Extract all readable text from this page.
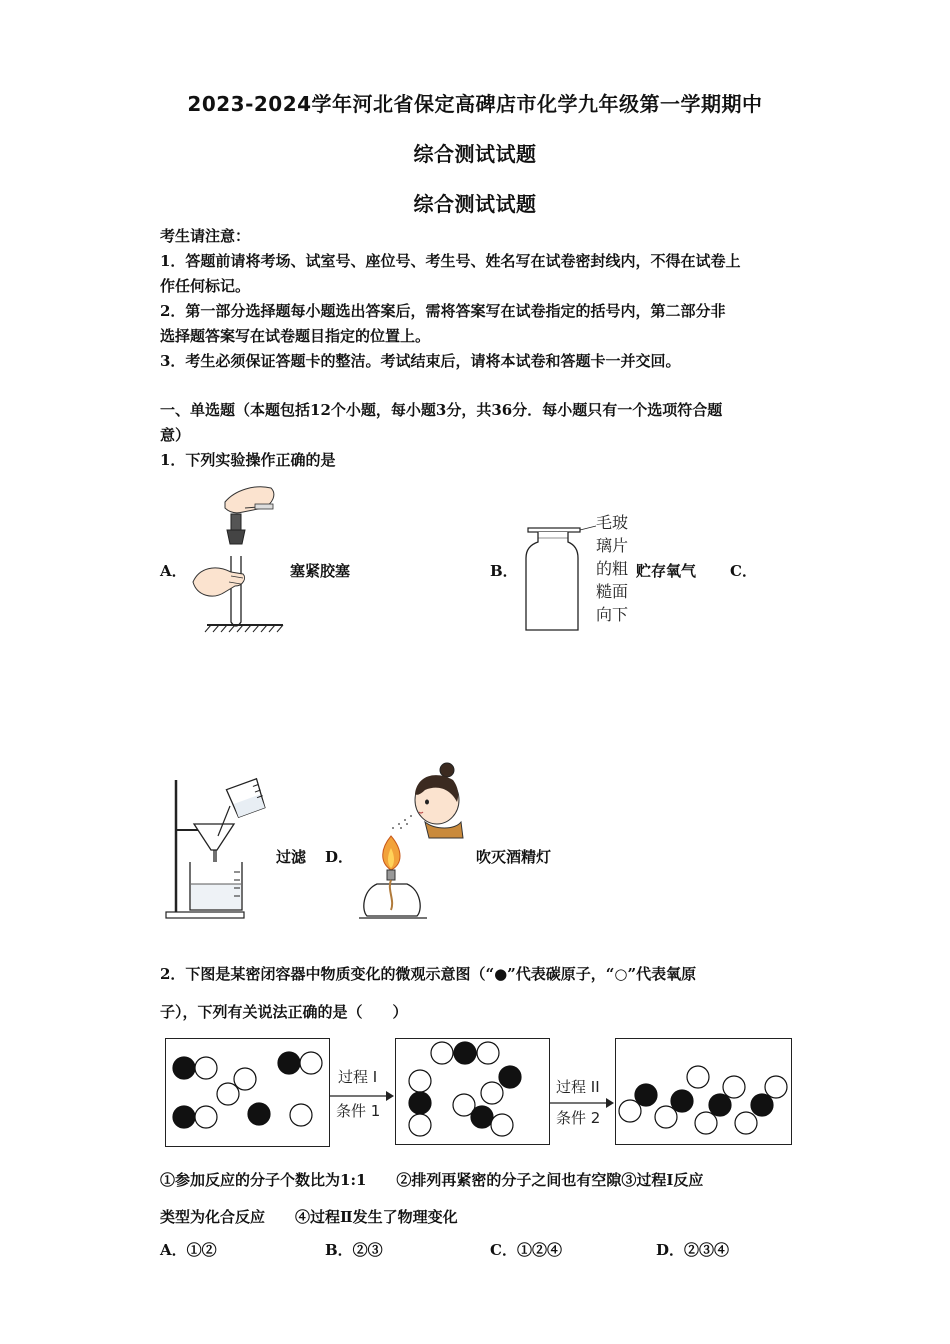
2023-2024学年河北省保定高碑店市化学九年级第一学期期中
综合测试试题
综合测试试题
考生请注意：
1．答题前请将考场、试室号、座位号、考生号、姓名写在试卷密封线内，不得在试卷上
作任何标记。
2．第一部分选择题每小题选出答案后，需将答案写在试卷指定的括号内，第二部分非
选择题答案写在试卷题目指定的位置上。
3．考生必须保证答题卡的整洁。考试结束后，请将本试卷和答题卡一并交回。
一、单选题（本题包括12个小题，每小题3分，共36分．每小题只有一个选项符合题
意）
1．下列实验操作正确的是
A．	塞紧胶塞	B．
毛玻
璃片
的粗
糙面
向下
贮存氧气 C．
过滤 D．	吹灭酒精灯
2．下图是某密闭容器中物质变化的微观示意图（“●”代表碳原子，“○”代表氧原
子），下列有关说法正确的是（　　）
过程 I
条件 1
过程 II
条件 2
①参加反应的分子个数比为1:1　　②排列再紧密的分子之间也有空隙③过程Ⅰ反应
类型为化合反应　　④过程Ⅱ发生了物理变化
A．①②	B．②③	C．①②④	D．②③④
